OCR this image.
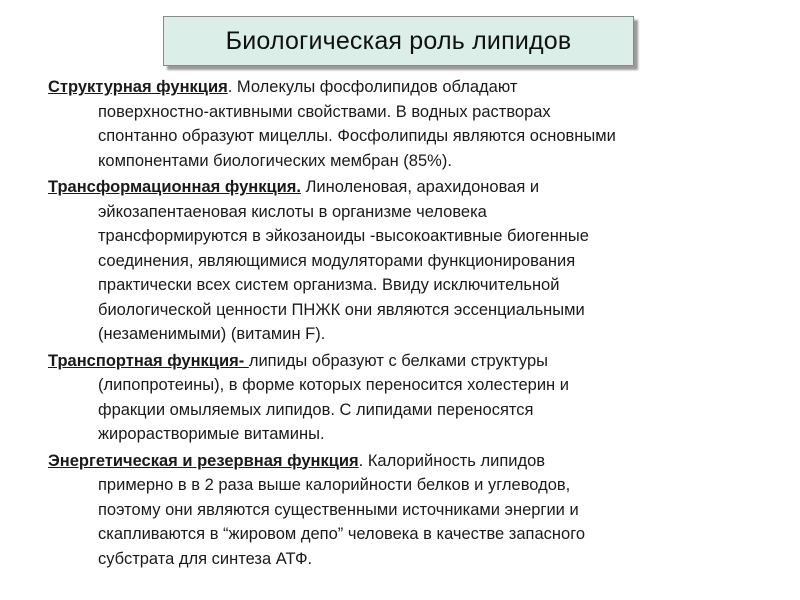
Биологическая роль липидов
Структурная функция. Молекулы фосфолипидов обладают
поверхностно-активными свойствами. В водных растворах
спонтанно образуют мицеллы. Фосфолипиды являются основными
компонентами биологических мембран (85%).
Трансформационная функция. Линоленовая, арахидоновая и
эйкозапентаеновая кислоты в организме человека
трансформируются в эйкозаноиды -высокоактивные биогенные
соединения, являющимися модуляторами функционирования
практически всех систем организма. Ввиду исключительной
биологической ценности ПНЖК они являются эссенциальными
(незаменимыми) (витамин F).
Транспортная функция- липиды образуют с белками структуры
(липопротеины), в форме которых переносится холестерин и
фракции омыляемых липидов. С липидами переносятся
жирорастворимые витамины.
Энергетическая и резервная функция. Калорийность липидов
примерно в в 2 раза выше калорийности белков и углеводов,
поэтому они являются существенными источниками энергии и
скапливаются в “жировом депо” человека в качестве запасного
субстрата для синтеза АТФ.
